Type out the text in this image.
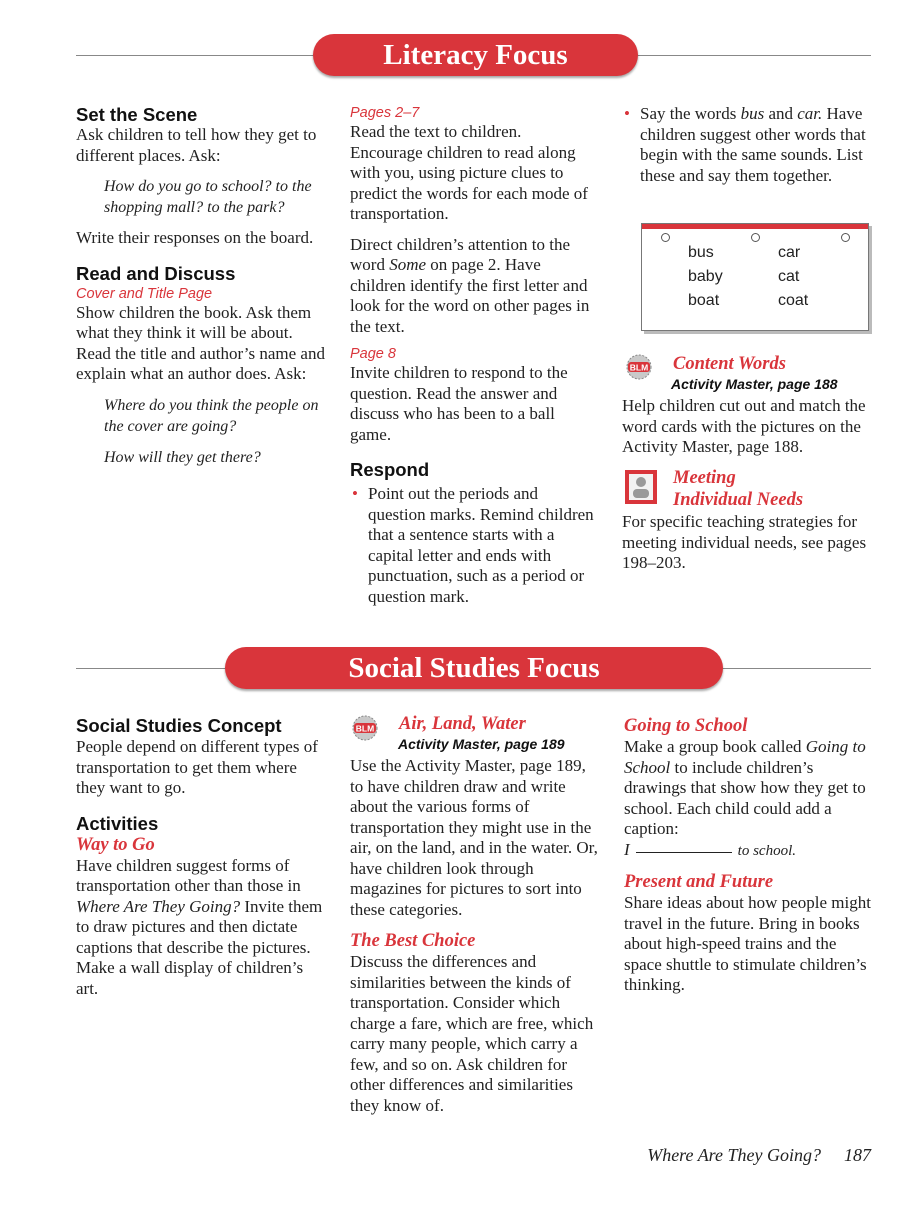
Literacy Focus
Set the Scene

Ask children to tell how they get to different places. Ask:

How do you go to school? to the shopping mall? to the park?

Write their responses on the board.

Read and Discuss
Cover and Title Page

Show children the book. Ask them what they think it will be about. Read the title and author’s name and explain what an author does. Ask:

Where do you think the people on the cover are going?

How will they get there?

Pages 2–7

Read the text to children. Encourage children to read along with you, using picture clues to predict the words for each mode of transportation.

Direct children’s attention to the word Some on page 2. Have children identify the first letter and look for the word on other pages in the text.

Page 8

Invite children to respond to the question. Read the answer and discuss who has been to a ball game.

Respond
• Point out the periods and question marks. Remind children that a sentence starts with a capital letter and ends with punctuation, such as a period or question mark.
• Say the words bus and car. Have children suggest other words that begin with the same sounds. List these and say them together.
bus
baby
boat
car
cat
coat
BLM Content Words
Activity Master, page 188
Help children cut out and match the word cards with the pictures on the Activity Master, page 188.
Meeting
Individual Needs
For specific teaching strategies for meeting individual needs, see pages 198–203.
Social Studies Focus
Social Studies Concept

People depend on different types of transportation to get them where they want to go.

Activities
Way to Go

Have children suggest forms of transportation other than those in Where Are They Going? Invite them to draw pictures and then dictate captions that describe the pictures. Make a wall display of children’s art.

BLM Air, Land, Water
Activity Master, page 189

Use the Activity Master, page 189, to have children draw and write about the various forms of transportation they might use in the air, on the land, and in the water. Or, have children look through magazines for pictures to sort into these categories.

The Best Choice

Discuss the differences and similarities between the kinds of transportation. Consider which charge a fare, which are free, which carry many people, which carry a few, and so on. Ask children for other differences and similarities they know of.

Going to School

Make a group book called Going to School to include children’s drawings that show how they get to school. Each child could add a caption:

I	to school.

Present and Future

Share ideas about how people might travel in the future. Bring in books about high-speed trains and the space shuttle to stimulate children’s thinking.

Where Are They Going? 187
